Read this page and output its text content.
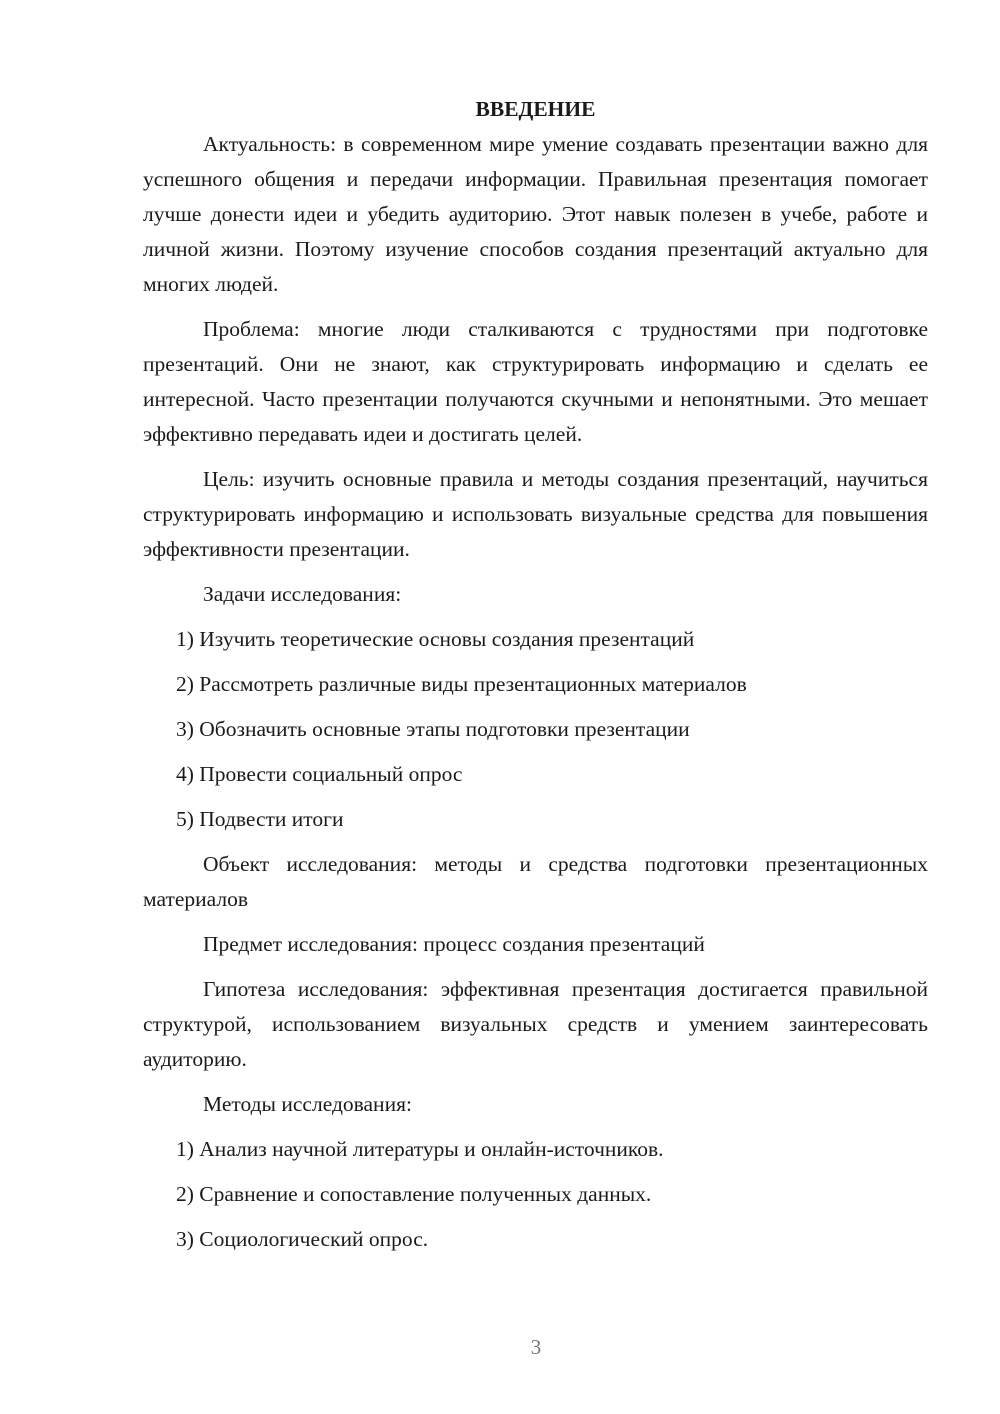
ВВЕДЕНИЕ
Актуальность: в современном мире умение создавать презентации важно для успешного общения и передачи информации. Правильная презентация помогает лучше донести идеи и убедить аудиторию. Этот навык полезен в учебе, работе и личной жизни. Поэтому изучение способов создания презентаций актуально для многих людей.
Проблема: многие люди сталкиваются с трудностями при подготовке презентаций. Они не знают, как структурировать информацию и сделать ее интересной. Часто презентации получаются скучными и непонятными. Это мешает эффективно передавать идеи и достигать целей.
Цель: изучить основные правила и методы создания презентаций, научиться структурировать информацию и использовать визуальные средства для повышения эффективности презентации.
Задачи исследования:
1) Изучить теоретические основы создания презентаций
2) Рассмотреть различные виды презентационных материалов
3) Обозначить основные этапы подготовки презентации
4) Провести социальный опрос
5) Подвести итоги
Объект исследования: методы и средства подготовки презентационных материалов
Предмет исследования: процесс создания презентаций
Гипотеза исследования: эффективная презентация достигается правильной структурой, использованием визуальных средств и умением заинтересовать аудиторию.
Методы исследования:
1) Анализ научной литературы и онлайн-источников.
2) Сравнение и сопоставление полученных данных.
3) Социологический опрос.
3
